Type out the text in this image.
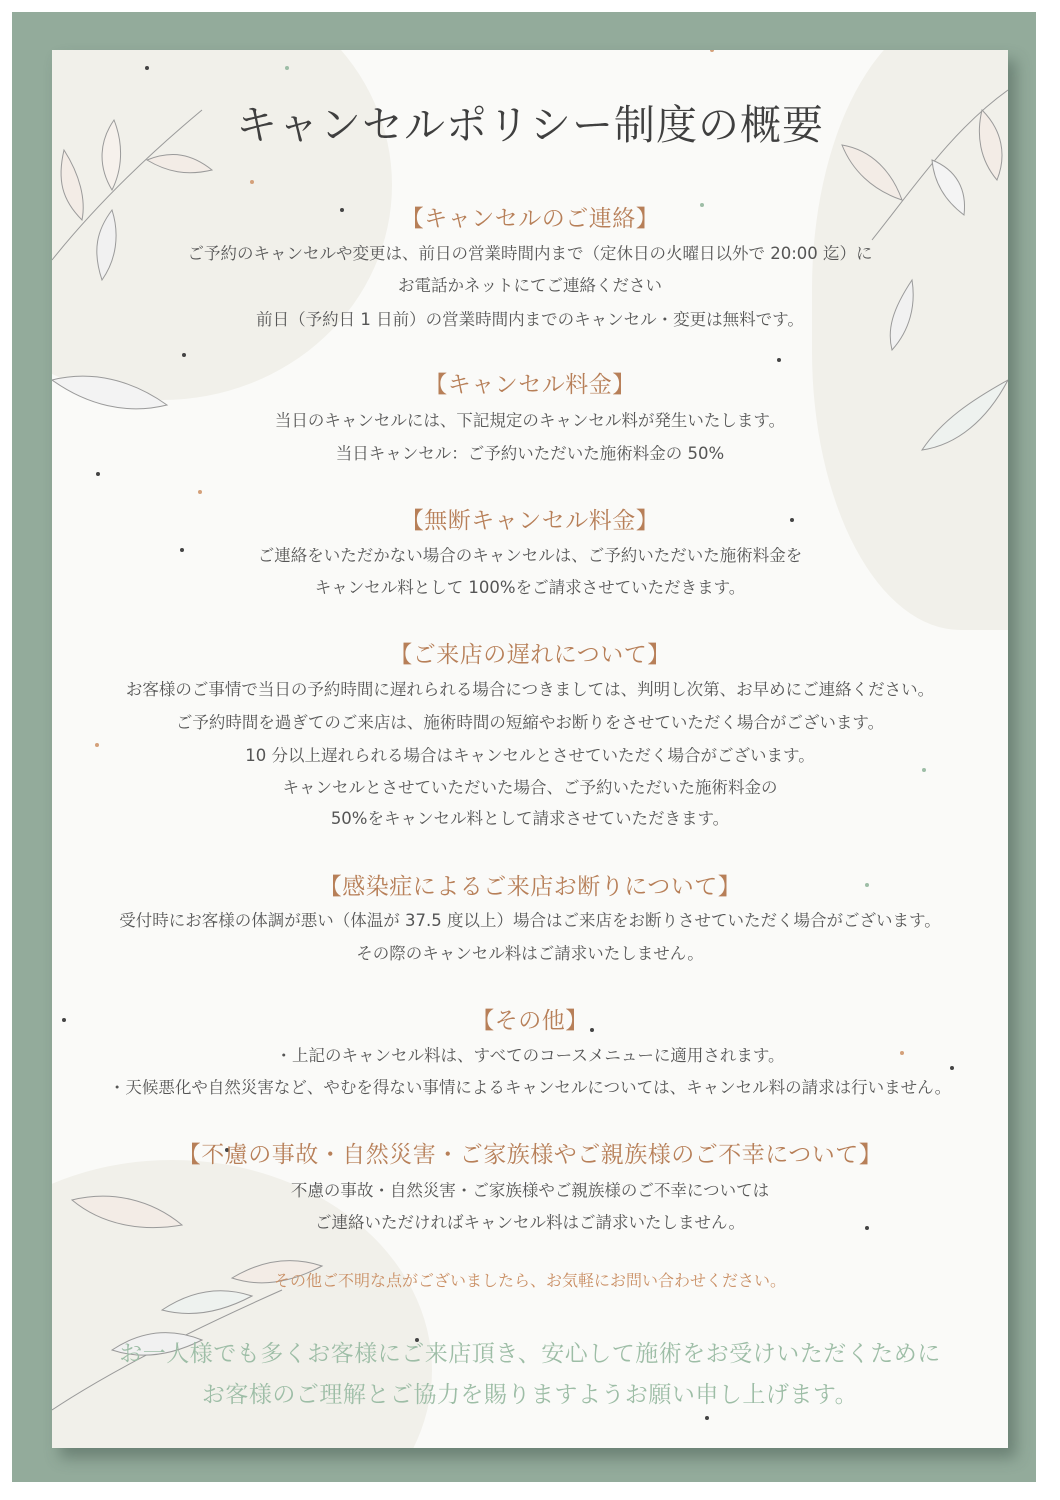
キャンセルポリシー制度の概要
【キャンセルのご連絡】

ご予約のキャンセルや変更は、前日の営業時間内まで（定休日の火曜日以外で 20:00 迄）に

お電話かネットにてご連絡ください

前日（予約日 1 日前）の営業時間内までのキャンセル・変更は無料です。

【キャンセル料金】

当日のキャンセルには、下記規定のキャンセル料が発生いたします。

当日キャンセル：ご予約いただいた施術料金の 50%

【無断キャンセル料金】

ご連絡をいただかない場合のキャンセルは、ご予約いただいた施術料金を

キャンセル料として 100%をご請求させていただきます。

【ご来店の遅れについて】

お客様のご事情で当日の予約時間に遅れられる場合につきましては、判明し次第、お早めにご連絡ください。

ご予約時間を過ぎてのご来店は、施術時間の短縮やお断りをさせていただく場合がございます。

10 分以上遅れられる場合はキャンセルとさせていただく場合がございます。

キャンセルとさせていただいた場合、ご予約いただいた施術料金の

50%をキャンセル料として請求させていただきます。

【感染症によるご来店お断りについて】

受付時にお客様の体調が悪い（体温が 37.5 度以上）場合はご来店をお断りさせていただく場合がございます。

その際のキャンセル料はご請求いたしません。

【その他】

・上記のキャンセル料は、すべてのコースメニューに適用されます。

・天候悪化や自然災害など、やむを得ない事情によるキャンセルについては、キャンセル料の請求は行いません。

【不慮の事故・自然災害・ご家族様やご親族様のご不幸について】

不慮の事故・自然災害・ご家族様やご親族様のご不幸については

ご連絡いただければキャンセル料はご請求いたしません。

その他ご不明な点がございましたら、お気軽にお問い合わせください。

お一人様でも多くお客様にご来店頂き、安心して施術をお受けいただくために

お客様のご理解とご協力を賜りますようお願い申し上げます。
